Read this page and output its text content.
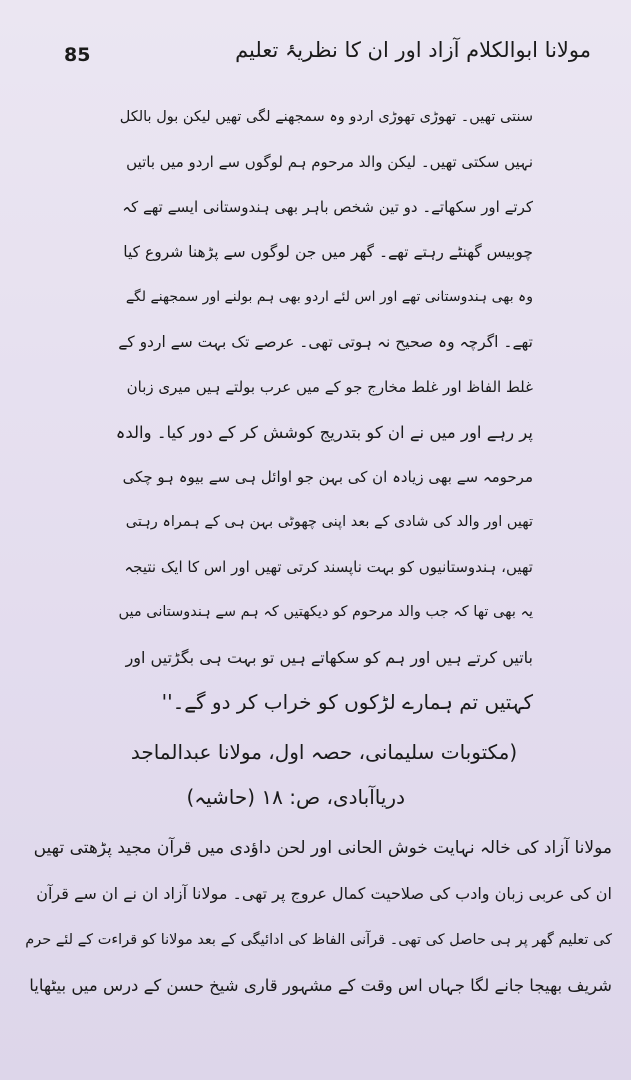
85	مولانا ابوالکلام آزاد اور ان کا نظریۂ تعلیم
سنتی تھیں۔ تھوڑی تھوڑی اردو وہ سمجھنے لگی تھیں لیکن بول بالکل
نہیں سکتی تھیں۔ لیکن والد مرحوم ہم لوگوں سے اردو میں باتیں
کرتے اور سکھاتے۔ دو تین شخص باہر بھی ہندوستانی ایسے تھے کہ
چوبیس گھنٹے رہتے تھے۔ گھر میں جن لوگوں سے پڑھنا شروع کیا
وہ بھی ہندوستانی تھے اور اس لئے اردو بھی ہم بولنے اور سمجھنے لگے
تھے۔ اگرچہ وہ صحیح نہ ہوتی تھی۔ عرصے تک بہت سے اردو کے
غلط الفاظ اور غلط مخارج جو کے میں عرب بولتے ہیں میری زبان
پر رہے اور میں نے ان کو بتدریج کوشش کر کے دور کیا۔ والدہ
مرحومہ سے بھی زیادہ ان کی بہن جو اوائل ہی سے بیوہ ہو چکی
تھیں اور والد کی شادی کے بعد اپنی چھوٹی بہن ہی کے ہمراہ رہتی
تھیں، ہندوستانیوں کو بہت ناپسند کرتی تھیں اور اس کا ایک نتیجہ
یہ بھی تھا کہ جب والد مرحوم کو دیکھتیں کہ ہم سے ہندوستانی میں
باتیں کرتے ہیں اور ہم کو سکھاتے ہیں تو بہت ہی بگڑتیں اور
کہتیں تم ہمارے لڑکوں کو خراب کر دو گے۔''
(مکتوبات سلیمانی، حصہ اول، مولانا عبدالماجد
دریاآبادی، ص: ۱۸ (حاشیہ)
مولانا آزاد کی خالہ نہایت خوش الحانی اور لحن داؤدی میں قرآن مجید پڑھتی تھیں
ان کی عربی زبان وادب کی صلاحیت کمال عروج پر تھی۔ مولانا آزاد ان نے ان سے قرآن
کی تعلیم گھر پر ہی حاصل کی تھی۔ قرآنی الفاظ کی ادائیگی کے بعد مولانا کو قراءت کے لئے حرم
شریف بھیجا جانے لگا جہاں اس وقت کے مشہور قاری شیخ حسن کے درس میں بیٹھایا
